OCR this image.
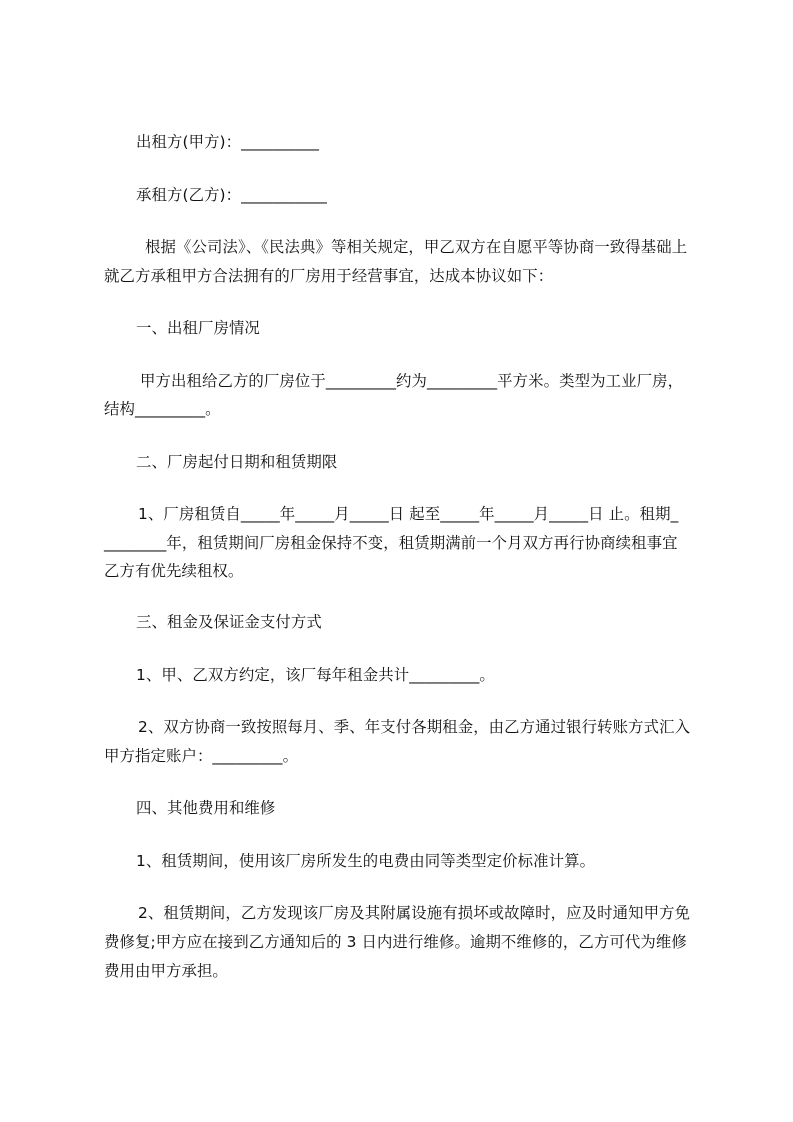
出租方(甲方)：__________
承租方(乙方)：___________
根据《公司法》、《民法典》等相关规定，甲乙双方在自愿平等协商一致得基础上
就乙方承租甲方合法拥有的厂房用于经营事宜，达成本协议如下：
一、出租厂房情况
甲方出租给乙方的厂房位于_________约为_________平方米。类型为工业厂房，
结构_________。
二、厂房起付日期和租赁期限
1、厂房租赁自_____年_____月_____日 起至_____年_____月_____日 止。租期_
________年，租赁期间厂房租金保持不变，租赁期满前一个月双方再行协商续租事宜
乙方有优先续租权。
三、租金及保证金支付方式
1、甲、乙双方约定，该厂每年租金共计_________。
2、双方协商一致按照每月、季、年支付各期租金，由乙方通过银行转账方式汇入
甲方指定账户：_________。
四、其他费用和维修
1、租赁期间，使用该厂房所发生的电费由同等类型定价标准计算。
2、租赁期间，乙方发现该厂房及其附属设施有损坏或故障时，应及时通知甲方免
费修复;甲方应在接到乙方通知后的 3 日内进行维修。逾期不维修的，乙方可代为维修
费用由甲方承担。
